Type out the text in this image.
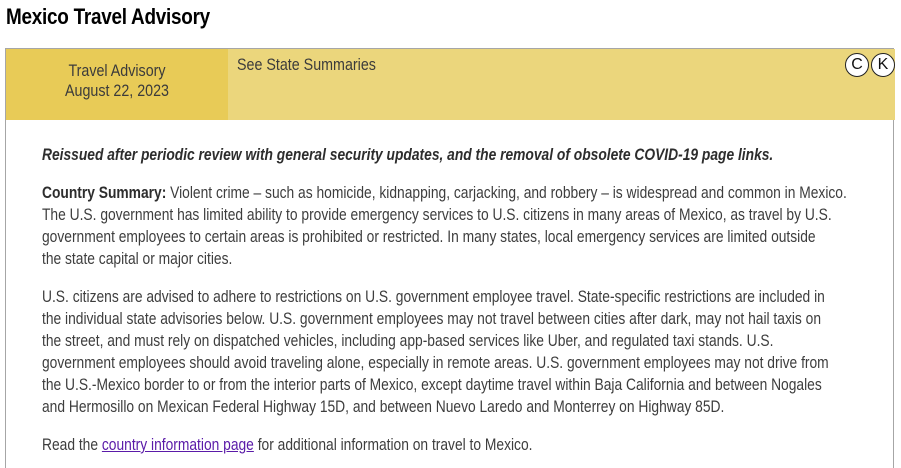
Mexico Travel Advisory
Travel Advisory
August 22, 2023
See State Summaries	C K

Reissued after periodic review with general security updates, and the removal of obsolete COVID-19 page links.

Country Summary: Violent crime – such as homicide, kidnapping, carjacking, and robbery – is widespread and common in Mexico.
The U.S. government has limited ability to provide emergency services to U.S. citizens in many areas of Mexico, as travel by U.S.
government employees to certain areas is prohibited or restricted. In many states, local emergency services are limited outside
the state capital or major cities.

U.S. citizens are advised to adhere to restrictions on U.S. government employee travel. State-specific restrictions are included in
the individual state advisories below. U.S. government employees may not travel between cities after dark, may not hail taxis on
the street, and must rely on dispatched vehicles, including app-based services like Uber, and regulated taxi stands. U.S.
government employees should avoid traveling alone, especially in remote areas. U.S. government employees may not drive from
the U.S.-Mexico border to or from the interior parts of Mexico, except daytime travel within Baja California and between Nogales
and Hermosillo on Mexican Federal Highway 15D, and between Nuevo Laredo and Monterrey on Highway 85D.

Read the country information page for additional information on travel to Mexico.
